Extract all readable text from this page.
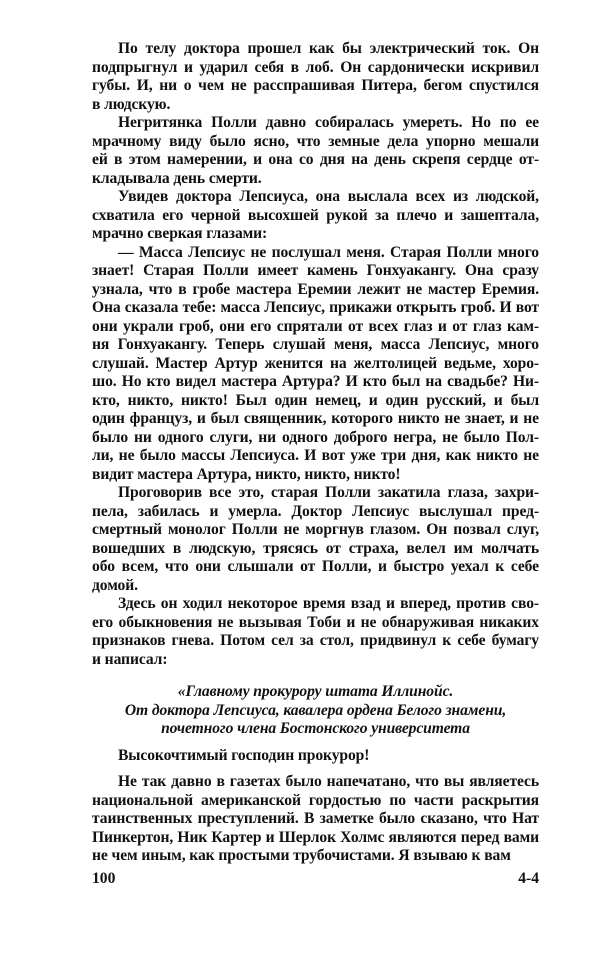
По телу доктора прошел как бы электрический ток. Он
подпрыгнул и ударил себя в лоб. Он сардонически искривил
губы. И, ни о чем не расспрашивая Питера, бегом спустился
в людскую.
Негритянка Полли давно собиралась умереть. Но по ее
мрачному виду было ясно, что земные дела упорно мешали
ей в этом намерении, и она со дня на день скрепя сердце от-
кладывала день смерти.
Увидев доктора Лепсиуса, она выслала всех из людской,
схватила его черной высохшей рукой за плечо и зашептала,
мрачно сверкая глазами:
— Масса Лепсиус не послушал меня. Старая Полли много
знает! Старая Полли имеет камень Гонхуакангу. Она сразу
узнала, что в гробе мастера Еремии лежит не мастер Еремия.
Она сказала тебе: масса Лепсиус, прикажи открыть гроб. И вот
они украли гроб, они его спрятали от всех глаз и от глаз кам-
ня Гонхуакангу. Теперь слушай меня, масса Лепсиус, много
слушай. Мастер Артур женится на желтолицей ведьме, хоро-
шо. Но кто видел мастера Артура? И кто был на свадьбе? Ни-
кто, никто, никто! Был один немец, и один русский, и был
один француз, и был священник, которого никто не знает, и не
было ни одного слуги, ни одного доброго негра, не было Пол-
ли, не было массы Лепсиуса. И вот уже три дня, как никто не
видит мастера Артура, никто, никто, никто!
Проговорив все это, старая Полли закатила глаза, захри-
пела, забилась и умерла. Доктор Лепсиус выслушал пред-
смертный монолог Полли не моргнув глазом. Он позвал слуг,
вошедших в людскую, трясясь от страха, велел им молчать
обо всем, что они слышали от Полли, и быстро уехал к себе
домой.
Здесь он ходил некоторое время взад и вперед, против сво-
его обыкновения не вызывая Тоби и не обнаруживая никаких
признаков гнева. Потом сел за стол, придвинул к себе бумагу
и написал:
«Главному прокурору штата Иллинойс.
От доктора Лепсиуса, кавалера ордена Белого знамени,
почетного члена Бостонского университета
Высокочтимый господин прокурор!
Не так давно в газетах было напечатано, что вы являетесь
национальной американской гордостью по части раскрытия
таинственных преступлений. В заметке было сказано, что Нат
Пинкертон, Ник Картер и Шерлок Холмс являются перед вами
не чем иным, как простыми трубочистами. Я взываю к вам
100	4-4
